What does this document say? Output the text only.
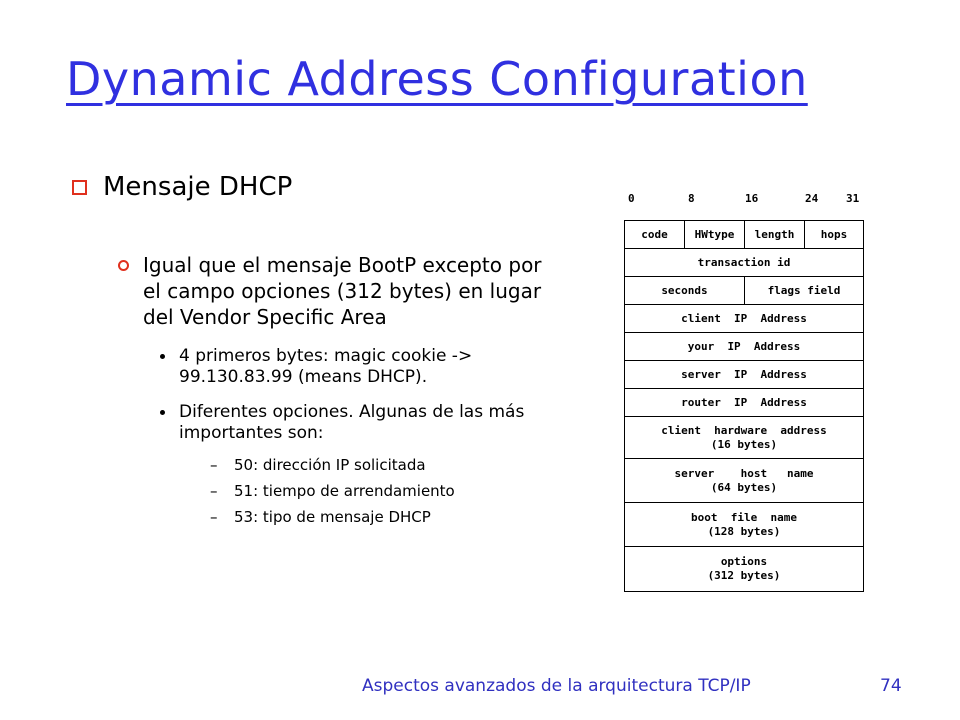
Dynamic Address Configuration
Mensaje DHCP
Igual que el mensaje BootP excepto por el campo opciones (312 bytes) en lugar del Vendor Specific Area
4 primeros bytes: magic cookie -> 99.130.83.99 (means DHCP).
Diferentes opciones. Algunas de las más importantes son:
– 50: dirección IP solicitada
– 51: tiempo de arrendamiento
– 53: tipo de mensaje DHCP
0	8	16	24	31
code	HWtype	length	hops
transaction id
seconds	flags field
client  IP  Address
your  IP  Address
server  IP  Address
router  IP  Address
client  hardware  address
(16 bytes)
server    host   name
(64 bytes)
boot  file  name
(128 bytes)
options
(312 bytes)
Aspectos avanzados de la arquitectura TCP/IP	74
